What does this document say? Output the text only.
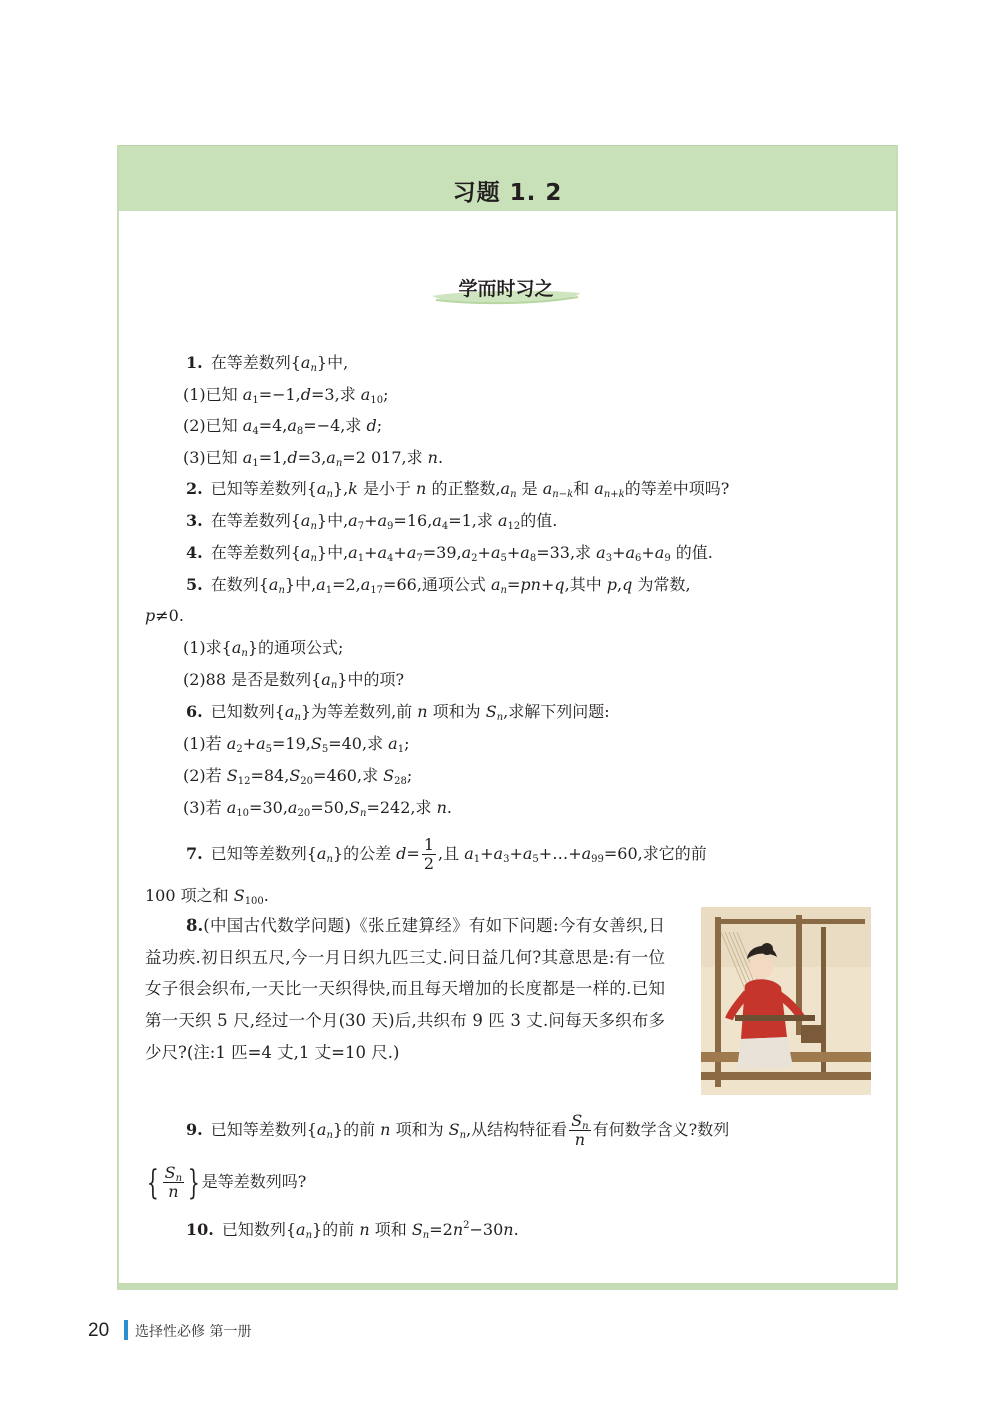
习题 1. 2
学而时习之
1. 在等差数列$\{a_n\}$中,
(1)已知 $a_1=-1,d=3$,求 $a_{10}$;
(2)已知 $a_4=4,a_8=-4$,求 d;
(3)已知 $a_1=1,d=3,a_n=2$ 017,求 n.
2. 已知等差数列$\{a_n\},k$ 是小于 n 的正整数$,a_n$ 是 $a_{n-k}$和 $a_{n+k}$的等差中项吗?
3. 在等差数列$\{a_n\}$中$,a_7+a_9=16,a_4=1$,求 $a_{12}$的值.
4. 在等差数列$\{a_n\}$中$,a_1+a_4+a_7=39,a_2+a_5+a_8=33$,求 $a_3+a_6+a_9$ 的值.
5. 在数列$\{a_n\}$中$,a_1=2,a_{17}=66$,通项公式 $a_n=pn+q$,其中 p,q 为常数,
p≠0.
(1)求$\{a_n\}$的通项公式;
(2)88 是否是数列$\{a_n\}$中的项?
6. 已知数列$\{a_n\}$为等差数列,前 n 项和为 $S_n$,求解下列问题:
(1)若 $a_2+a_5=19,S_5=40$,求 $a_1$;
(2)若 $S_{12}=84,S_{20}=460$,求 $S_{28}$;
(3)若 $a_{10}=30,a_{20}=50,S_n=242$,求 n.
7. 已知等差数列$\{a_n\}$的公差 $d= \frac{1}{2}$ ,且 $a_1+a_3+a_5+\dots+a_{99}=60$,求它的前
100 项之和 $S_{100}$.
8.(中国古代数学问题)《张丘建算经》有如下问题:今有女善织,日益功疾.初日织五尺,今一月日织九匹三丈.问日益几何?其意思是:有一位女子很会织布,一天比一天织得快,而且每天增加的长度都是一样的.已知第一天织 5 尺,经过一个月(30 天)后,共织布 9 匹 3 丈.问每天多织布多少尺?(注:1 匹=4 丈,1 丈=10 尺.)
9. 已知等差数列$\{a_n\}$的前 n 项和为 $S_n$,从结构特征看 $\frac{S_n}{n}$ 有何数学含义?数列
{ $\frac{S_n}{n}$ } 是等差数列吗?
10. 已知数列$\{a_n\}$的前 n 项和 $S_n=2n^2-30n$.
20 选择性必修 第一册
